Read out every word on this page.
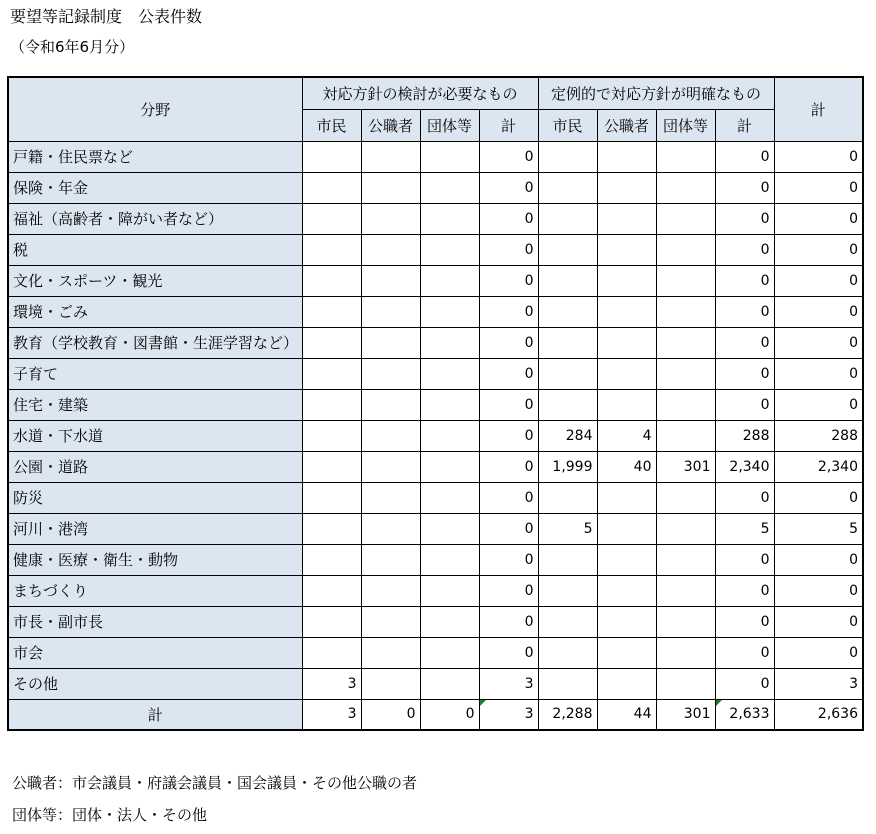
要望等記録制度　公表件数
（令和6年6月分）
分野	対応方針の検討が必要なもの				定例的で対応方針が明確なもの				計
	市民	公職者	団体等	計	市民	公職者	団体等	計	
戸籍・住民票など				0				0	0
保険・年金				0				0	0
福祉（高齢者・障がい者など）				0				0	0
税				0				0	0
文化・スポーツ・観光				0				0	0
環境・ごみ				0				0	0
教育（学校教育・図書館・生涯学習など）				0				0	0
子育て				0				0	0
住宅・建築				0				0	0
水道・下水道				0	284	4		288	288
公園・道路				0	1,999	40	301	2,340	2,340
防災				0				0	0
河川・港湾				0	5			5	5
健康・医療・衛生・動物				0				0	0
まちづくり				0				0	0
市長・副市長				0				0	0
市会				0				0	0
その他	3			3				0	3
計	3	0	0	3	2,288	44	301	2,633	2,636
公職者：市会議員・府議会議員・国会議員・その他公職の者
団体等：団体・法人・その他
